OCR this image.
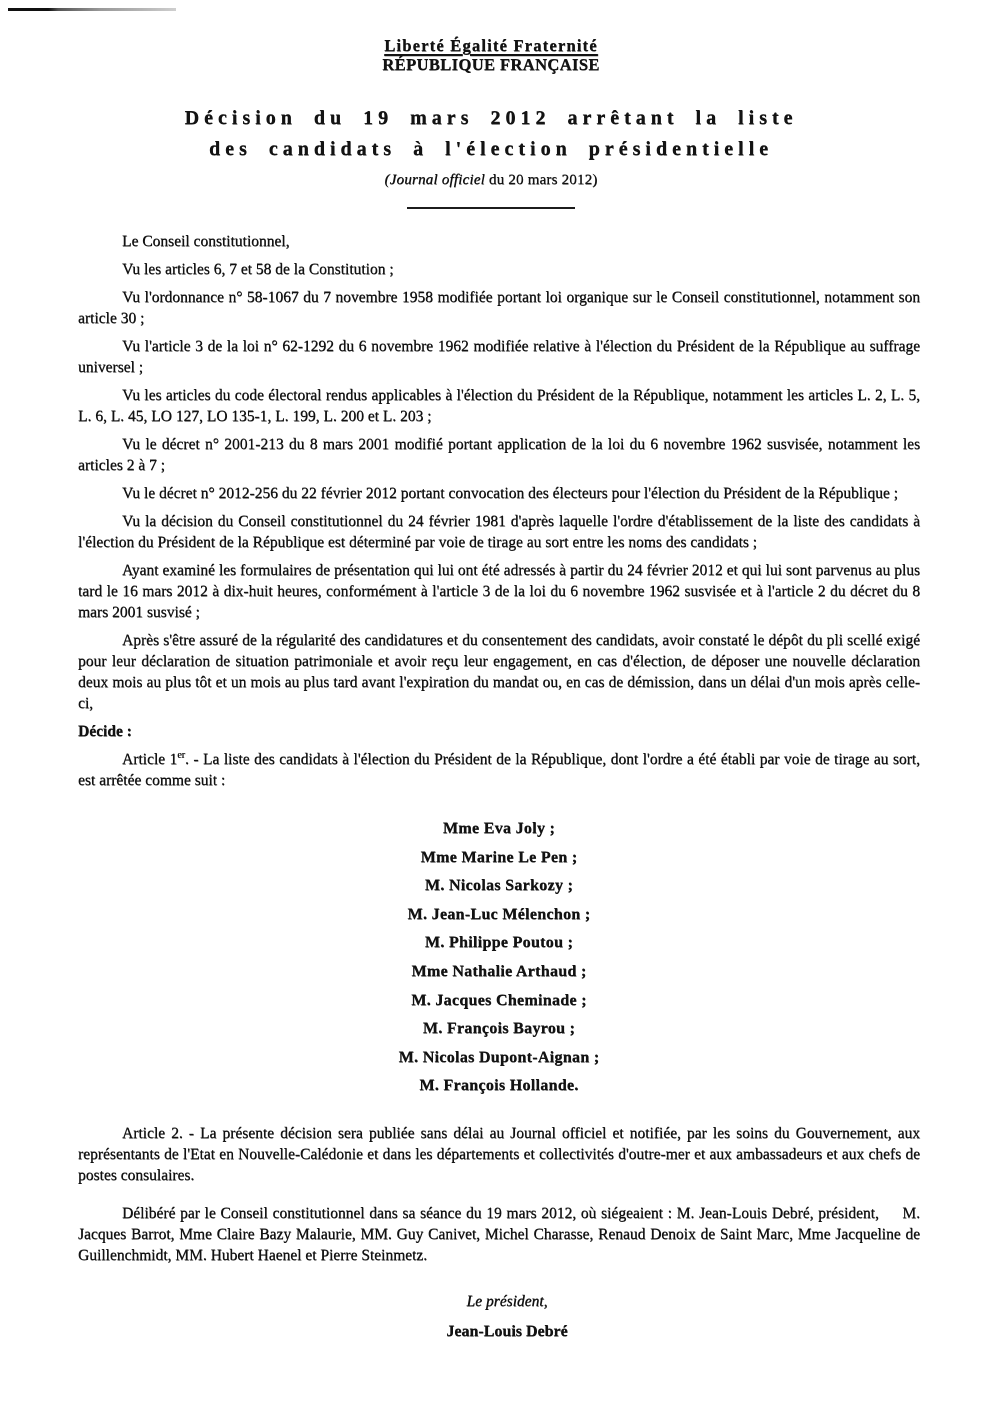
Liberté Égalité Fraternité
RÉPUBLIQUE FRANÇAISE
Décision du 19 mars 2012 arrêtant la liste
des candidats à l'élection présidentielle
(Journal officiel du 20 mars 2012)

Le Conseil constitutionnel,

Vu les articles 6, 7 et 58 de la Constitution ;

Vu l'ordonnance n° 58-1067 du 7 novembre 1958 modifiée portant loi organique sur le Conseil constitutionnel, notamment son article 30 ;

Vu l'article 3 de la loi n° 62-1292 du 6 novembre 1962 modifiée relative à l'élection du Président de la République au suffrage universel ;

Vu les articles du code électoral rendus applicables à l'élection du Président de la République, notamment les articles L. 2, L. 5, L. 6, L. 45, LO 127, LO 135-1, L. 199, L. 200 et L. 203 ;

Vu le décret n° 2001-213 du 8 mars 2001 modifié portant application de la loi du 6 novembre 1962 susvisée, notamment les articles 2 à 7 ;

Vu le décret n° 2012-256 du 22 février 2012 portant convocation des électeurs pour l'élection du Président de la République ;

Vu la décision du Conseil constitutionnel du 24 février 1981 d'après laquelle l'ordre d'établissement de la liste des candidats à l'élection du Président de la République est déterminé par voie de tirage au sort entre les noms des candidats ;

Ayant examiné les formulaires de présentation qui lui ont été adressés à partir du 24 février 2012 et qui lui sont parvenus au plus tard le 16 mars 2012 à dix-huit heures, conformément à l'article 3 de la loi du 6 novembre 1962 susvisée et à l'article 2 du décret du 8 mars 2001 susvisé ;

Après s'être assuré de la régularité des candidatures et du consentement des candidats, avoir constaté le dépôt du pli scellé exigé pour leur déclaration de situation patrimoniale et avoir reçu leur engagement, en cas d'élection, de déposer une nouvelle déclaration deux mois au plus tôt et un mois au plus tard avant l'expiration du mandat ou, en cas de démission, dans un délai d'un mois après celle-ci,

Décide :

Article 1er. - La liste des candidats à l'élection du Président de la République, dont l'ordre a été établi par voie de tirage au sort, est arrêtée comme suit :

Mme Eva Joly ;
Mme Marine Le Pen ;
M. Nicolas Sarkozy ;
M. Jean-Luc Mélenchon ;
M. Philippe Poutou ;
Mme Nathalie Arthaud ;
M. Jacques Cheminade ;
M. François Bayrou ;
M. Nicolas Dupont-Aignan ;
M. François Hollande.

Article 2. - La présente décision sera publiée sans délai au Journal officiel et notifiée, par les soins du Gouvernement, aux représentants de l'Etat en Nouvelle-Calédonie et dans les départements et collectivités d'outre-mer et aux ambassadeurs et aux chefs de postes consulaires.

Délibéré par le Conseil constitutionnel dans sa séance du 19 mars 2012, où siégeaient : M. Jean-Louis Debré, président,     M. Jacques Barrot, Mme Claire Bazy Malaurie, MM. Guy Canivet, Michel Charasse, Renaud Denoix de Saint Marc, Mme Jacqueline de Guillenchmidt, MM. Hubert Haenel et Pierre Steinmetz.

Le président,
Jean-Louis Debré
